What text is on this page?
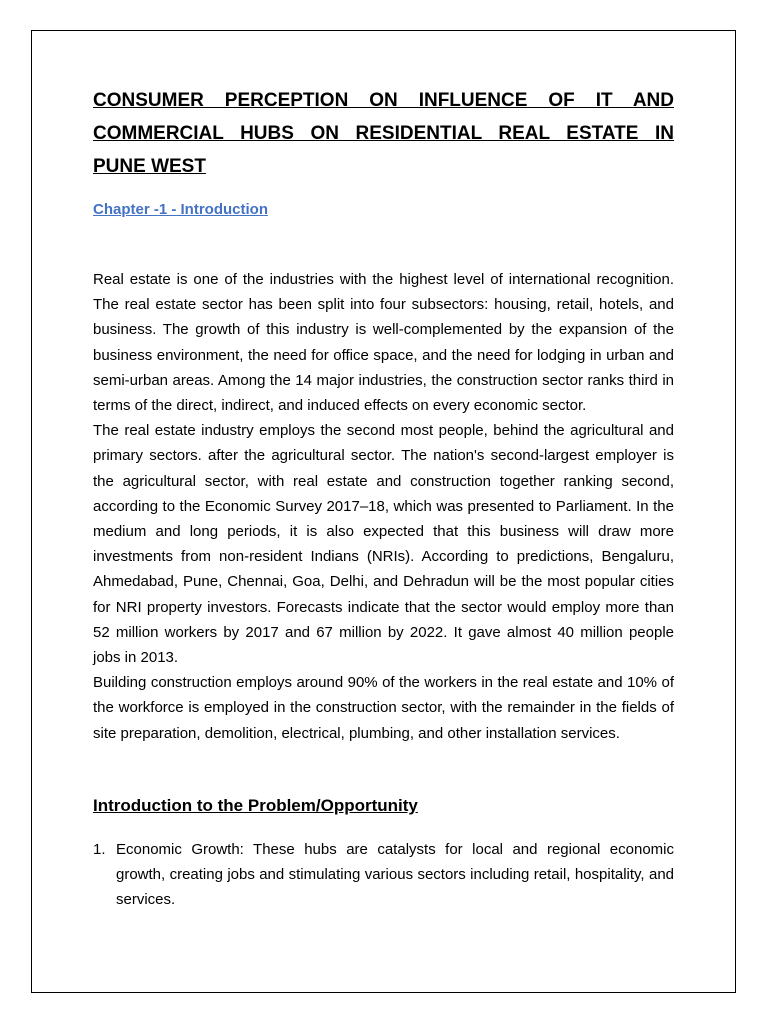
CONSUMER PERCEPTION ON INFLUENCE OF IT AND
COMMERCIAL HUBS ON RESIDENTIAL REAL ESTATE IN
PUNE WEST
Chapter -1 - Introduction

Real estate is one of the industries with the highest level of international recognition. The real estate sector has been split into four subsectors: housing, retail, hotels, and business. The growth of this industry is well-complemented by the expansion of the business environment, the need for office space, and the need for lodging in urban and semi-urban areas. Among the 14 major industries, the construction sector ranks third in terms of the direct, indirect, and induced effects on every economic sector.

The real estate industry employs the second most people, behind the agricultural and primary sectors. after the agricultural sector. The nation's second-largest employer is the agricultural sector, with real estate and construction together ranking second, according to the Economic Survey 2017–18, which was presented to Parliament. In the medium and long periods, it is also expected that this business will draw more investments from non-resident Indians (NRIs). According to predictions, Bengaluru, Ahmedabad, Pune, Chennai, Goa, Delhi, and Dehradun will be the most popular cities for NRI property investors. Forecasts indicate that the sector would employ more than 52 million workers by 2017 and 67 million by 2022. It gave almost 40 million people jobs in 2013.

Building construction employs around 90% of the workers in the real estate and 10% of the workforce is employed in the construction sector, with the remainder in the fields of site preparation, demolition, electrical, plumbing, and other installation services.

Introduction to the Problem/Opportunity
1. Economic Growth: These hubs are catalysts for local and regional economic growth, creating jobs and stimulating various sectors including retail, hospitality, and services.
